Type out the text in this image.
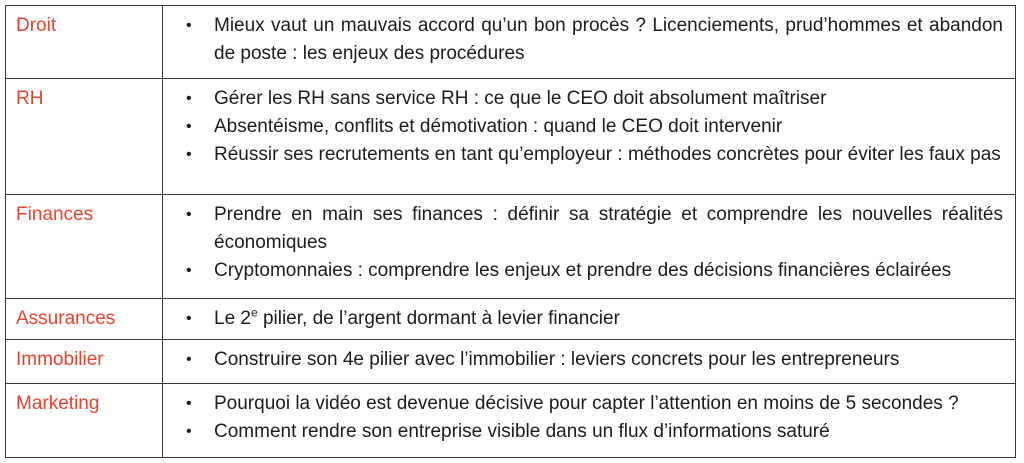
Droit	•	Mieux vaut un mauvais accord qu’un bon procès ? Licenciements, prud’hommes et abandon de poste : les enjeux des procédures
RH	•	Gérer les RH sans service RH : ce que le CEO doit absolument maîtriser
•	Absentéisme, conflits et démotivation : quand le CEO doit intervenir
•	Réussir ses recrutements en tant qu’employeur : méthodes concrètes pour éviter les faux pas
Finances	•	Prendre en main ses finances : définir sa stratégie et comprendre les nouvelles réalités économiques
•	Cryptomonnaies : comprendre les enjeux et prendre des décisions financières éclairées
Assurances	•	Le 2e pilier, de l’argent dormant à levier financier
Immobilier	•	Construire son 4e pilier avec l’immobilier : leviers concrets pour les entrepreneurs
Marketing	•	Pourquoi la vidéo est devenue décisive pour capter l’attention en moins de 5 secondes ?
•	Comment rendre son entreprise visible dans un flux d’informations saturé
